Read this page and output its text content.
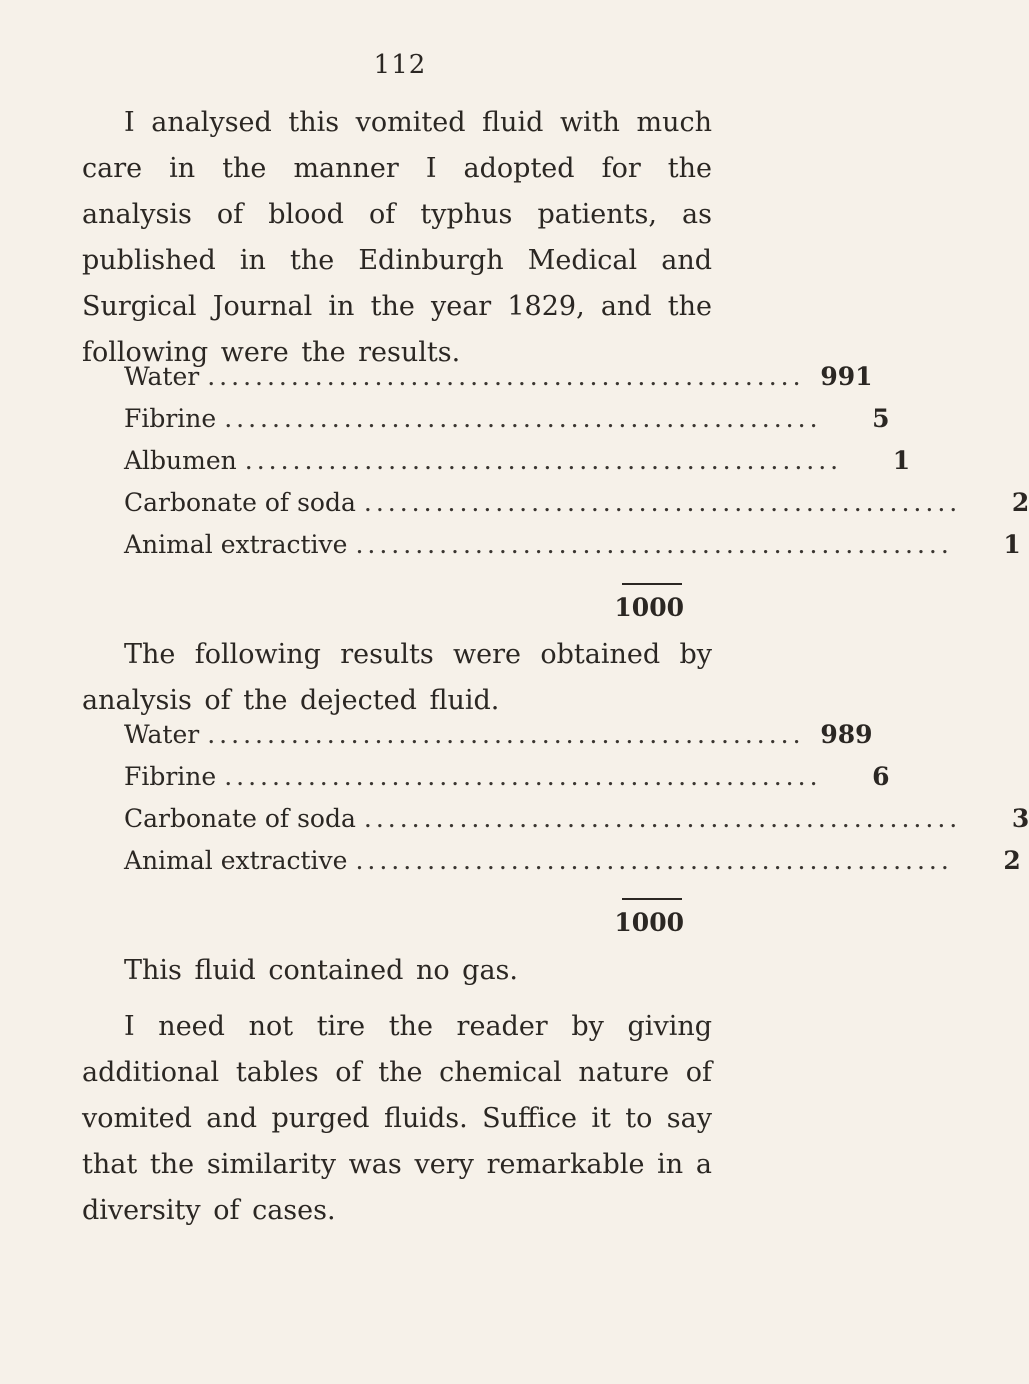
112
I analysed this vomited fluid with much care in the manner I adopted for the analysis of blood of typhus patients, as published in the Edinburgh Medical and Surgical Journal in the year 1829, and the following were the results.
Water .................................................. 991
Fibrine ..................................................	5
Albumen ..................................................	1
Carbonate of soda ..................................................	2
Animal extractive ..................................................	1
1000
The following results were obtained by analysis of the dejected fluid.
Water .................................................. 989
Fibrine ..................................................	6
Carbonate of soda ..................................................	3
Animal extractive ..................................................	2
1000
This fluid contained no gas.
I need not tire the reader by giving additional tables of the chemical nature of vomited and purged fluids. Suffice it to say that the similarity was very remarkable in a diversity of cases.
